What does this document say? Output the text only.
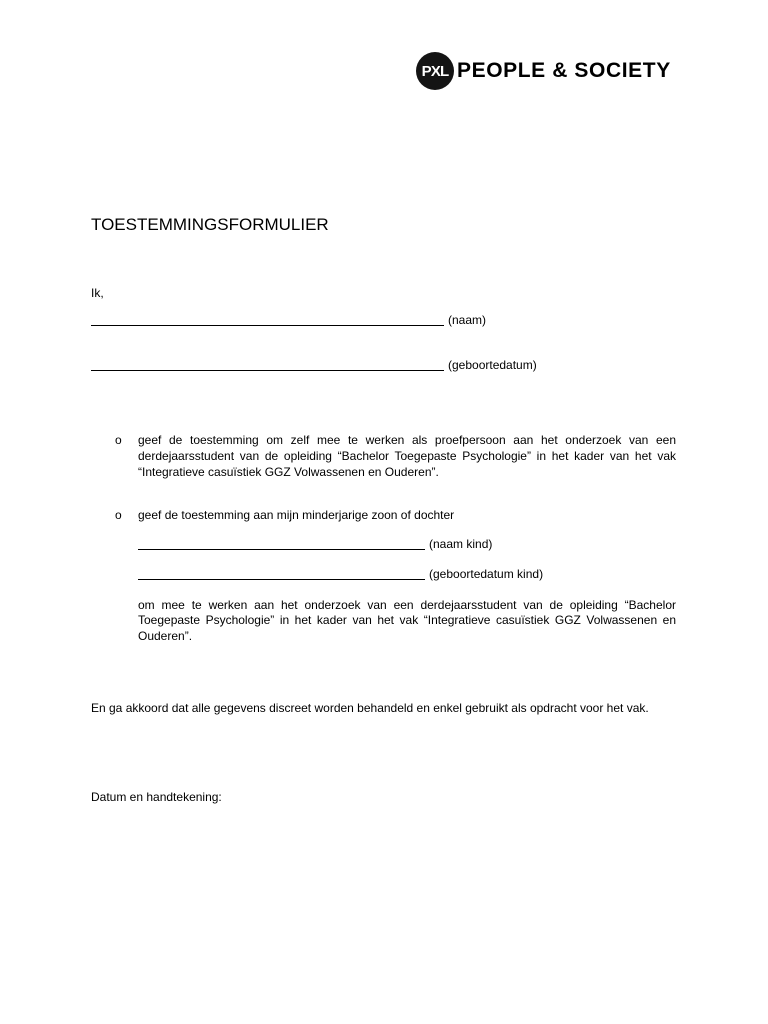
PXL PEOPLE & SOCIETY
TOESTEMMINGSFORMULIER
Ik,
(naam)
(geboortedatum)
o geef de toestemming om zelf mee te werken als proefpersoon aan het onderzoek van een
derdejaarsstudent van de opleiding “Bachelor Toegepaste Psychologie” in het kader van het vak
“Integratieve casuïstiek GGZ Volwassenen en Ouderen”.
o geef de toestemming aan mijn minderjarige zoon of dochter
(naam kind)
(geboortedatum kind)
om mee te werken aan het onderzoek van een derdejaarsstudent van de opleiding “Bachelor
Toegepaste Psychologie” in het kader van het vak “Integratieve casuïstiek GGZ Volwassenen en
Ouderen”.
En ga akkoord dat alle gegevens discreet worden behandeld en enkel gebruikt als opdracht voor het vak.
Datum en handtekening:
